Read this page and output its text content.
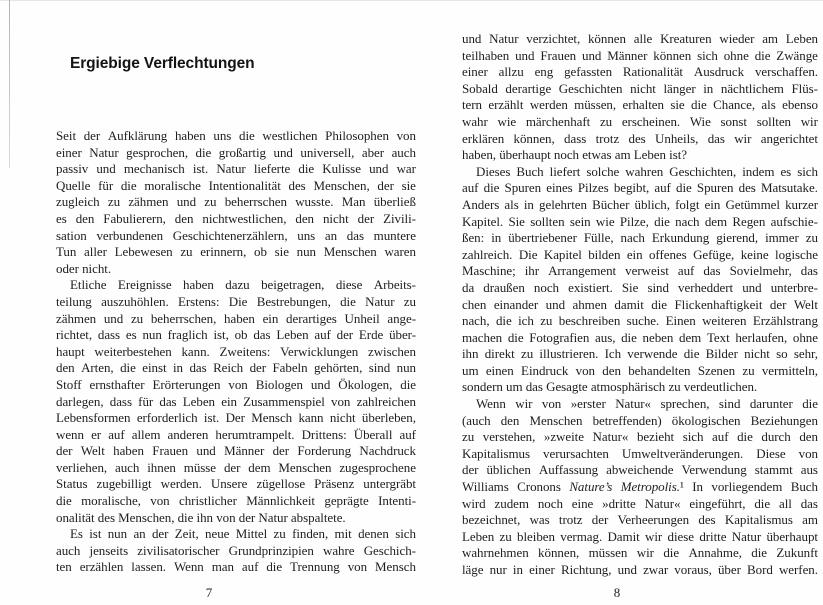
Ergiebige Verflechtungen
Seit der Aufklärung haben uns die westlichen Philosophen von
einer Natur gesprochen, die großartig und universell, aber auch
passiv und mechanisch ist. Natur lieferte die Kulisse und war
Quelle für die moralische Intentionalität des Menschen, der sie
zugleich zu zähmen und zu beherrschen wusste. Man überließ
es den Fabulierern, den nichtwestlichen, den nicht der Zivili-
sation verbundenen Geschichtenerzählern, uns an das muntere
Tun aller Lebewesen zu erinnern, ob sie nun Menschen waren
oder nicht.
Etliche Ereignisse haben dazu beigetragen, diese Arbeits-
teilung auszuhöhlen. Erstens: Die Bestrebungen, die Natur zu
zähmen und zu beherrschen, haben ein derartiges Unheil ange-
richtet, dass es nun fraglich ist, ob das Leben auf der Erde über-
haupt weiterbestehen kann. Zweitens: Verwicklungen zwischen
den Arten, die einst in das Reich der Fabeln gehörten, sind nun
Stoff ernsthafter Erörterungen von Biologen und Ökologen, die
darlegen, dass für das Leben ein Zusammenspiel von zahlreichen
Lebensformen erforderlich ist. Der Mensch kann nicht überleben,
wenn er auf allem anderen herumtrampelt. Drittens: Überall auf
der Welt haben Frauen und Männer der Forderung Nachdruck
verliehen, auch ihnen müsse der dem Menschen zugesprochene
Status zugebilligt werden. Unsere zügellose Präsenz untergräbt
die moralische, von christlicher Männlichkeit geprägte Intenti-
onalität des Menschen, die ihn von der Natur abspaltete.
Es ist nun an der Zeit, neue Mittel zu finden, mit denen sich
auch jenseits zivilisatorischer Grundprinzipien wahre Geschich-
ten erzählen lassen. Wenn man auf die Trennung von Mensch
und Natur verzichtet, können alle Kreaturen wieder am Leben
teilhaben und Frauen und Männer können sich ohne die Zwänge
einer allzu eng gefassten Rationalität Ausdruck verschaffen.
Sobald derartige Geschichten nicht länger in nächtlichem Flüs-
tern erzählt werden müssen, erhalten sie die Chance, als ebenso
wahr wie märchenhaft zu erscheinen. Wie sonst sollten wir
erklären können, dass trotz des Unheils, das wir angerichtet
haben, überhaupt noch etwas am Leben ist?
Dieses Buch liefert solche wahren Geschichten, indem es sich
auf die Spuren eines Pilzes begibt, auf die Spuren des Matsutake.
Anders als in gelehrten Bücher üblich, folgt ein Getümmel kurzer
Kapitel. Sie sollten sein wie Pilze, die nach dem Regen aufschie-
ßen: in übertriebener Fülle, nach Erkundung gierend, immer zu
zahlreich. Die Kapitel bilden ein offenes Gefüge, keine logische
Maschine; ihr Arrangement verweist auf das Sovielmehr, das
da draußen noch existiert. Sie sind verheddert und unterbre-
chen einander und ahmen damit die Flickenhaftigkeit der Welt
nach, die ich zu beschreiben suche. Einen weiteren Erzählstrang
machen die Fotografien aus, die neben dem Text herlaufen, ohne
ihn direkt zu illustrieren. Ich verwende die Bilder nicht so sehr,
um einen Eindruck von den behandelten Szenen zu vermitteln,
sondern um das Gesagte atmosphärisch zu verdeutlichen.
Wenn wir von »erster Natur« sprechen, sind darunter die
(auch den Menschen betreffenden) ökologischen Beziehungen
zu verstehen, »zweite Natur« bezieht sich auf die durch den
Kapitalismus verursachten Umweltveränderungen. Diese von
der üblichen Auffassung abweichende Verwendung stammt aus
Williams Cronons Nature’s Metropolis.¹ In vorliegendem Buch
wird zudem noch eine »dritte Natur« eingeführt, die all das
bezeichnet, was trotz der Verheerungen des Kapitalismus am
Leben zu bleiben vermag. Damit wir diese dritte Natur überhaupt
wahrnehmen können, müssen wir die Annahme, die Zukunft
läge nur in einer Richtung, und zwar voraus, über Bord werfen.
7	8
